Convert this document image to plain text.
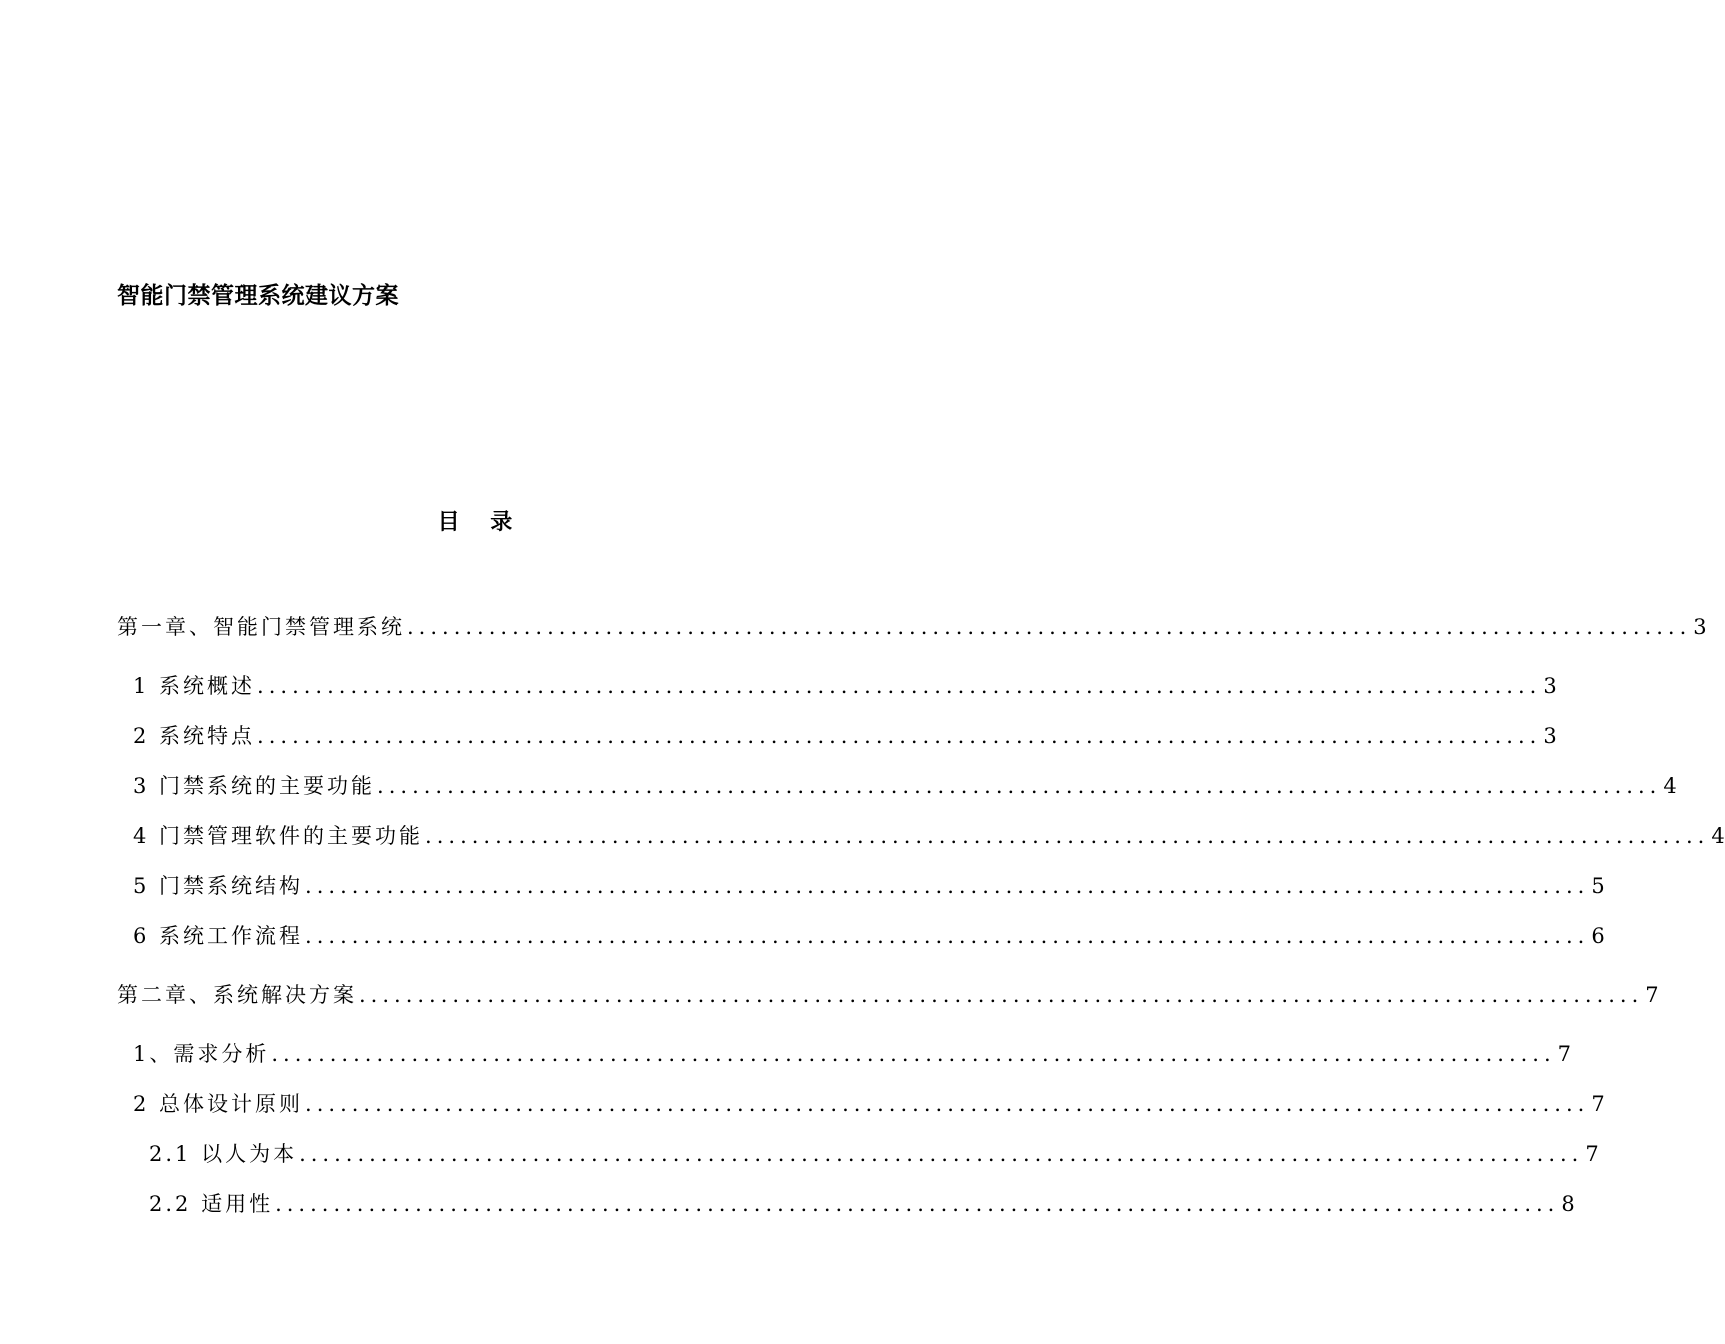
智能门禁管理系统建议方案
目    录
第一章、智能门禁管理系统 .............................................................................................................. 3
1 系统概述 .............................................................................................................. 3
2 系统特点 .............................................................................................................. 3
3 门禁系统的主要功能 .............................................................................................................. 4
4 门禁管理软件的主要功能 .............................................................................................................. 4
5 门禁系统结构 .............................................................................................................. 5
6 系统工作流程 .............................................................................................................. 6
第二章、系统解决方案 .............................................................................................................. 7
1、需求分析 .............................................................................................................. 7
2 总体设计原则 .............................................................................................................. 7
2.1 以人为本 .............................................................................................................. 7
2.2 适用性 .............................................................................................................. 8
